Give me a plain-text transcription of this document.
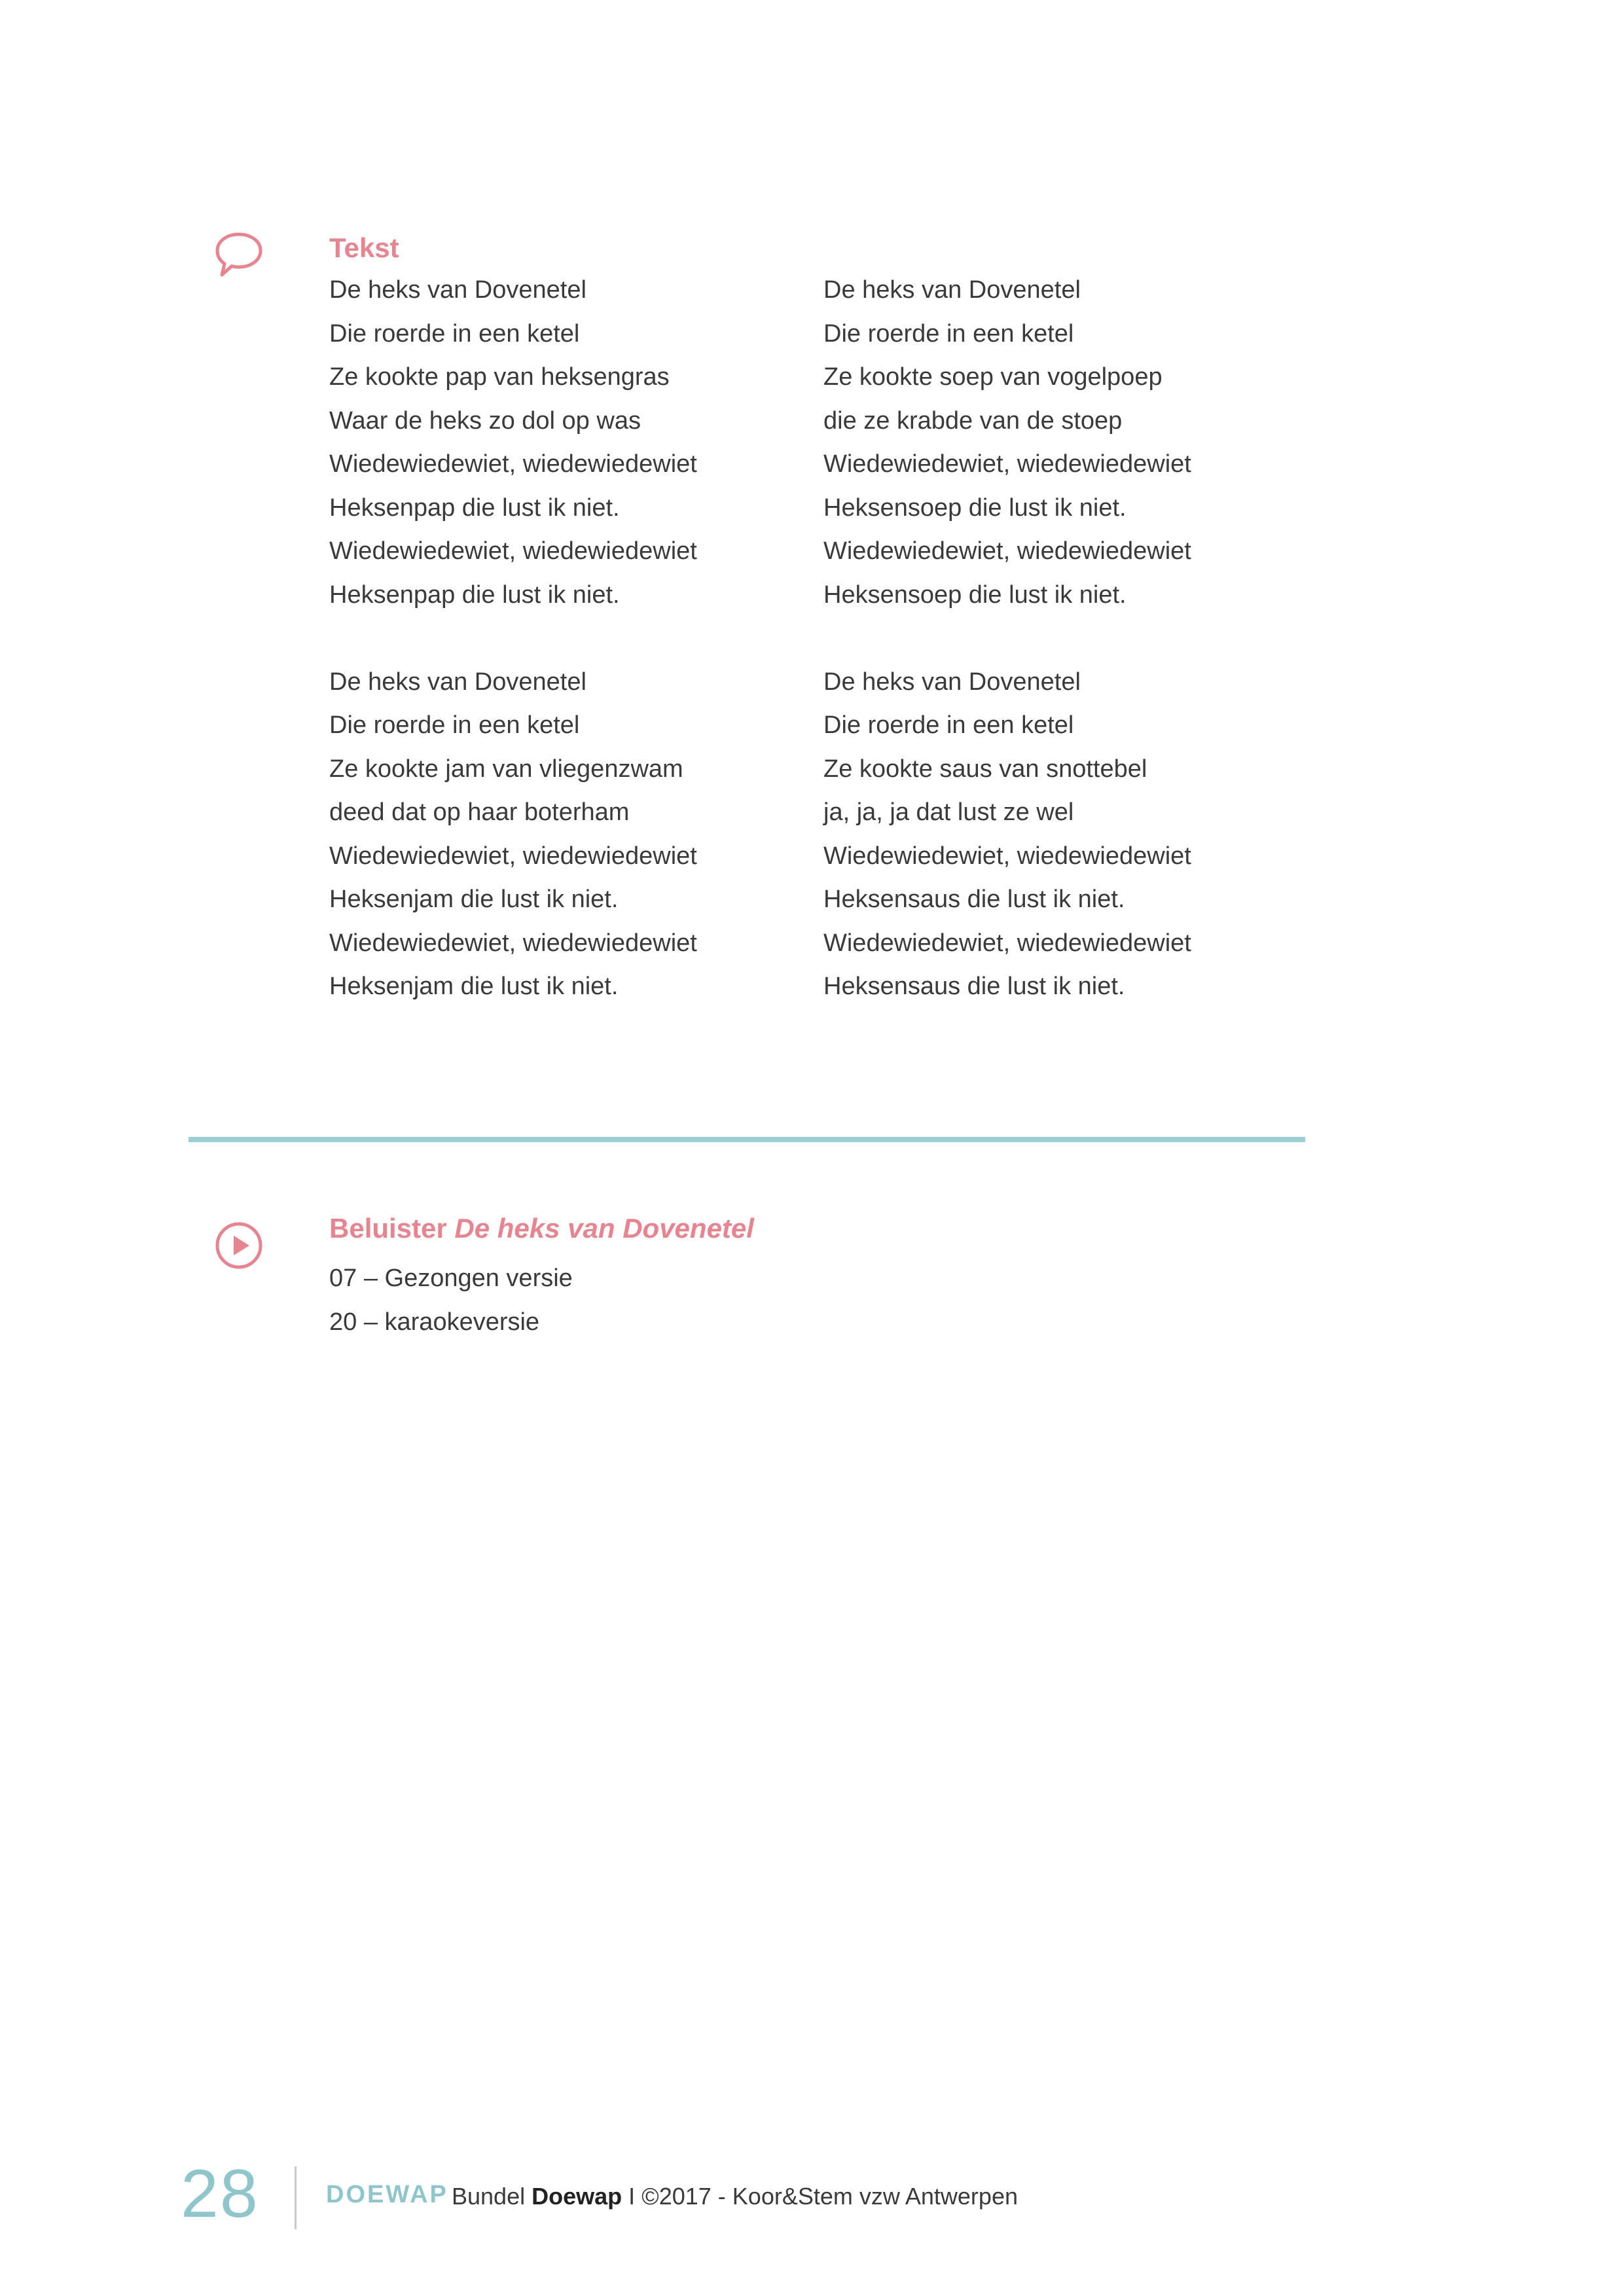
Tekst
De heks van Dovenetel
Die roerde in een ketel
Ze kookte pap van heksengras
Waar de heks zo dol op was
Wiedewiedewiet, wiedewiedewiet
Heksenpap die lust ik niet.
Wiedewiedewiet, wiedewiedewiet
Heksenpap die lust ik niet.
De heks van Dovenetel
Die roerde in een ketel
Ze kookte jam van vliegenzwam
deed dat op haar boterham
Wiedewiedewiet, wiedewiedewiet
Heksenjam die lust ik niet.
Wiedewiedewiet, wiedewiedewiet
Heksenjam die lust ik niet.
De heks van Dovenetel
Die roerde in een ketel
Ze kookte soep van vogelpoep
die ze krabde van de stoep
Wiedewiedewiet, wiedewiedewiet
Heksensoep die lust ik niet.
Wiedewiedewiet, wiedewiedewiet
Heksensoep die lust ik niet.
De heks van Dovenetel
Die roerde in een ketel
Ze kookte saus van snottebel
ja, ja, ja dat lust ze wel
Wiedewiedewiet, wiedewiedewiet
Heksensaus die lust ik niet.
Wiedewiedewiet, wiedewiedewiet
Heksensaus die lust ik niet.
Beluister De heks van Dovenetel
07 – Gezongen versie
20 – karaokeversie
28	DOEWAP Bundel Doewap I ©2017 - Koor&Stem vzw Antwerpen
